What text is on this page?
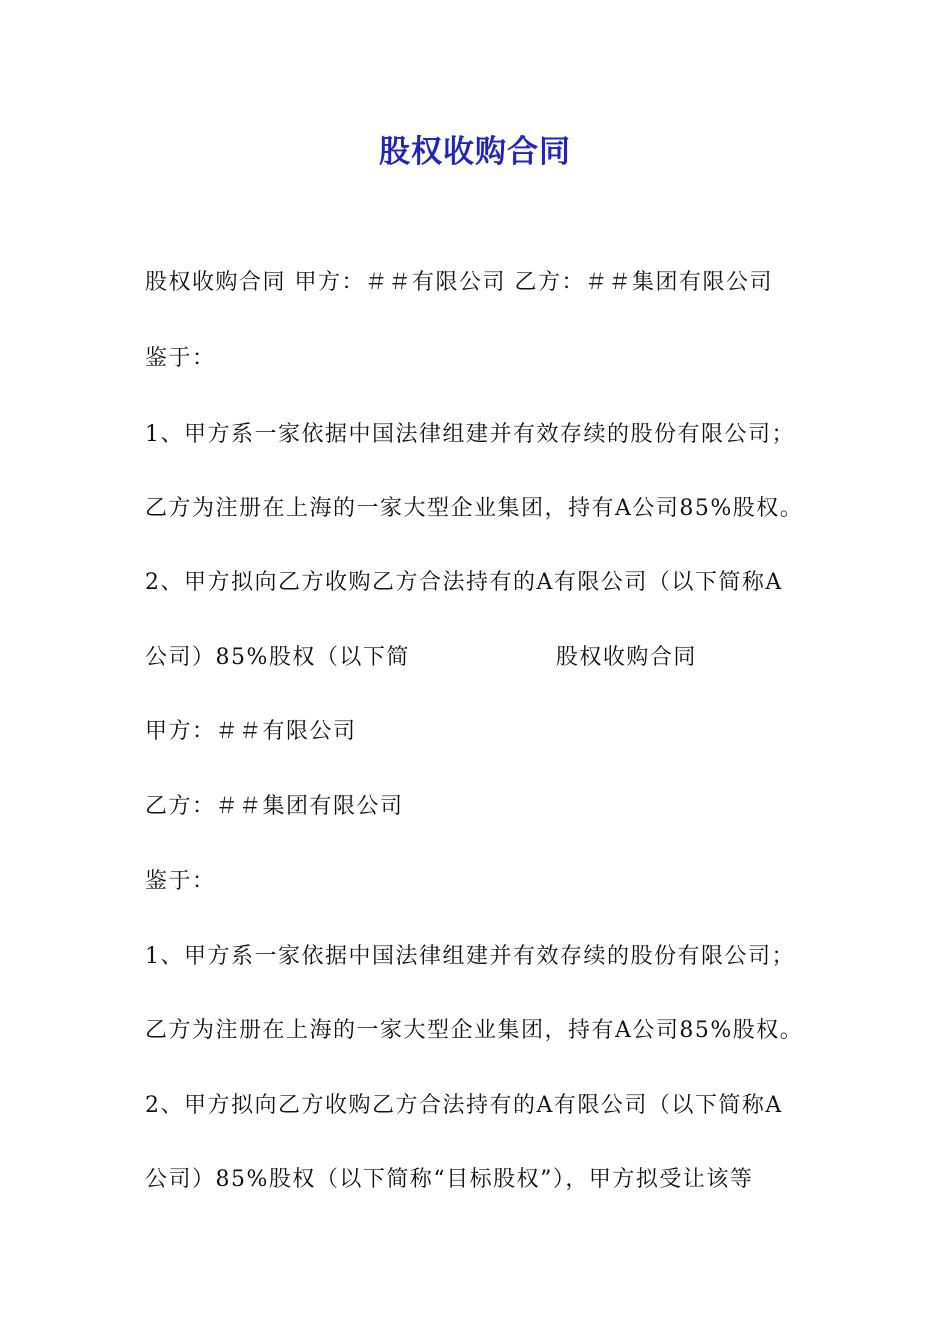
股权收购合同
股权收购合同 甲方：＃＃有限公司 乙方：＃＃集团有限公司
鉴于：
1、甲方系一家依据中国法律组建并有效存续的股份有限公司；
乙方为注册在上海的一家大型企业集团，持有A公司85%股权。
2、甲方拟向乙方收购乙方合法持有的A有限公司（以下简称A
公司）85%股权（以下简	股权收购合同
甲方：＃＃有限公司
乙方：＃＃集团有限公司
鉴于：
1、甲方系一家依据中国法律组建并有效存续的股份有限公司；
乙方为注册在上海的一家大型企业集团，持有A公司85%股权。
2、甲方拟向乙方收购乙方合法持有的A有限公司（以下简称A
公司）85%股权（以下简称“目标股权”），甲方拟受让该等
